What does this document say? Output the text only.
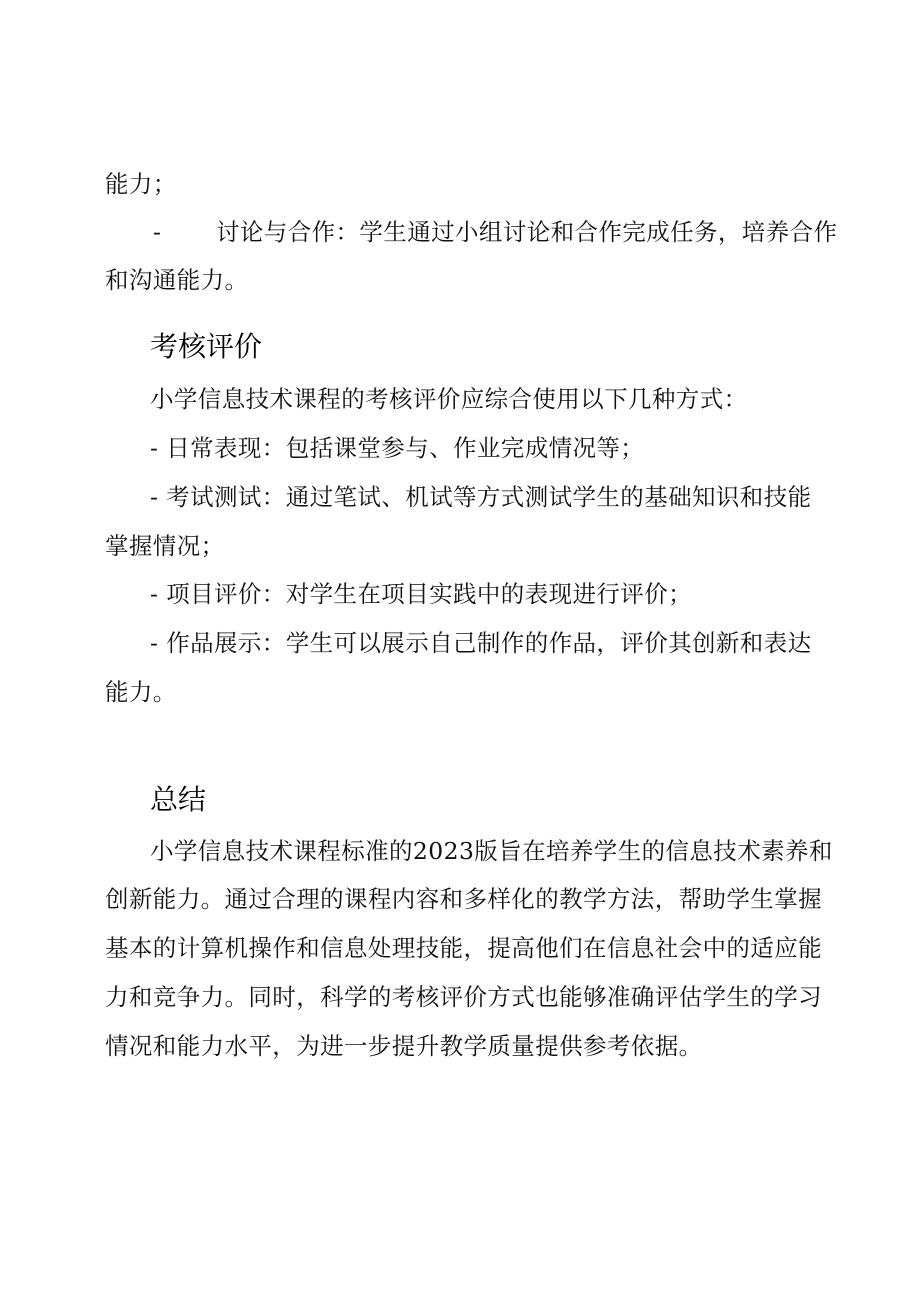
能力；
- 讨论与合作：学生通过小组讨论和合作完成任务，培养合作
和沟通能力。
考核评价
小学信息技术课程的考核评价应综合使用以下几种方式：
- 日常表现：包括课堂参与、作业完成情况等；
- 考试测试：通过笔试、机试等方式测试学生的基础知识和技能
掌握情况；
- 项目评价：对学生在项目实践中的表现进行评价；
- 作品展示：学生可以展示自己制作的作品，评价其创新和表达
能力。
总结
小学信息技术课程标准的2023版旨在培养学生的信息技术素养和
创新能力。通过合理的课程内容和多样化的教学方法，帮助学生掌握
基本的计算机操作和信息处理技能，提高他们在信息社会中的适应能
力和竞争力。同时，科学的考核评价方式也能够准确评估学生的学习
情况和能力水平，为进一步提升教学质量提供参考依据。
